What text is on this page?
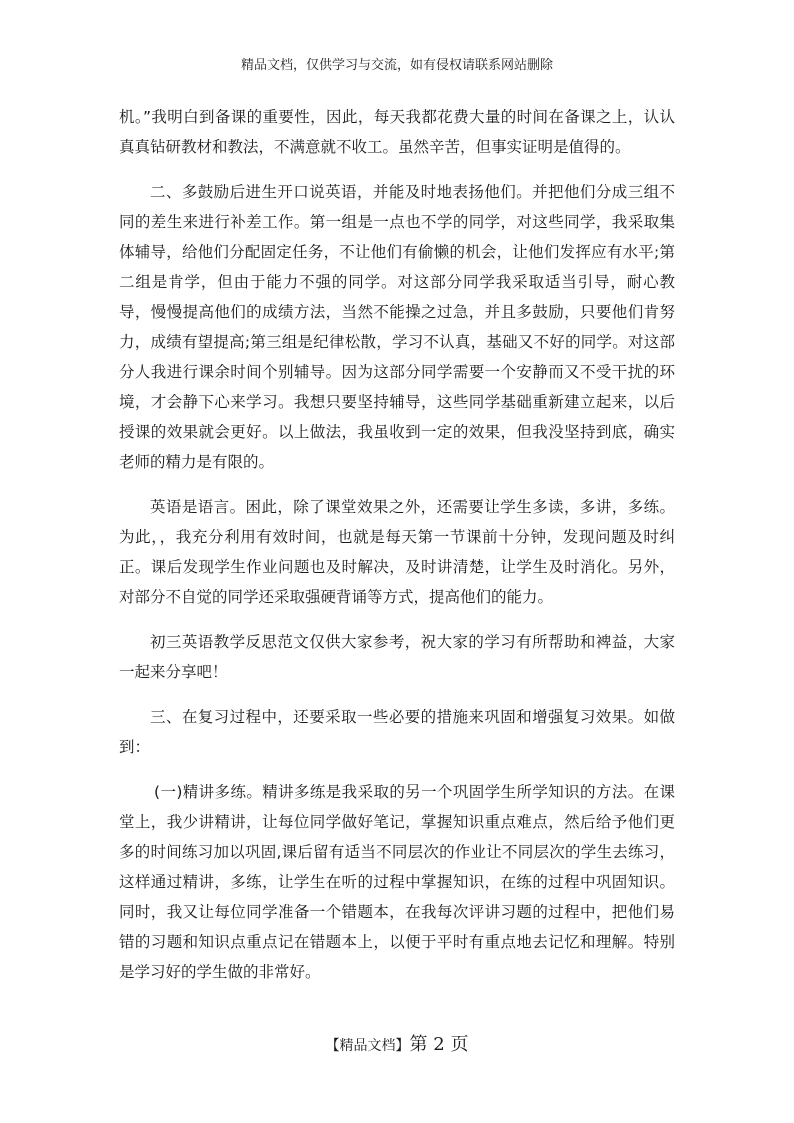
精品文档，仅供学习与交流，如有侵权请联系网站删除

机。”我明白到备课的重要性，因此，每天我都花费大量的时间在备课之上，认认真真钻研教材和教法，不满意就不收工。虽然辛苦，但事实证明是值得的。

二、多鼓励后进生开口说英语，并能及时地表扬他们。并把他们分成三组不同的差生来进行补差工作。第一组是一点也不学的同学，对这些同学，我采取集体辅导，给他们分配固定任务，不让他们有偷懒的机会，让他们发挥应有水平;第二组是肯学，但由于能力不强的同学。对这部分同学我采取适当引导，耐心教导，慢慢提高他们的成绩方法，当然不能操之过急，并且多鼓励，只要他们肯努力，成绩有望提高;第三组是纪律松散，学习不认真，基础又不好的同学。对这部分人我进行课余时间个别辅导。因为这部分同学需要一个安静而又不受干扰的环境，才会静下心来学习。我想只要坚持辅导，这些同学基础重新建立起来，以后授课的效果就会更好。以上做法，我虽收到一定的效果，但我没坚持到底，确实老师的精力是有限的。

英语是语言。困此，除了课堂效果之外，还需要让学生多读，多讲，多练。为此，，我充分利用有效时间，也就是每天第一节课前十分钟，发现问题及时纠正。课后发现学生作业问题也及时解决，及时讲清楚，让学生及时消化。另外，对部分不自觉的同学还采取强硬背诵等方式，提高他们的能力。

初三英语教学反思范文仅供大家参考，祝大家的学习有所帮助和裨益，大家一起来分享吧！

三、在复习过程中，还要采取一些必要的措施来巩固和增强复习效果。如做到：

(一)精讲多练。精讲多练是我采取的另一个巩固学生所学知识的方法。在课堂上，我少讲精讲，让每位同学做好笔记，掌握知识重点难点，然后给予他们更多的时间练习加以巩固,课后留有适当不同层次的作业让不同层次的学生去练习，这样通过精讲，多练，让学生在听的过程中掌握知识，在练的过程中巩固知识。同时，我又让每位同学准备一个错题本，在我每次评讲习题的过程中，把他们易错的习题和知识点重点记在错题本上，以便于平时有重点地去记忆和理解。特别是学习好的学生做的非常好。

【精品文档】第 2 页
